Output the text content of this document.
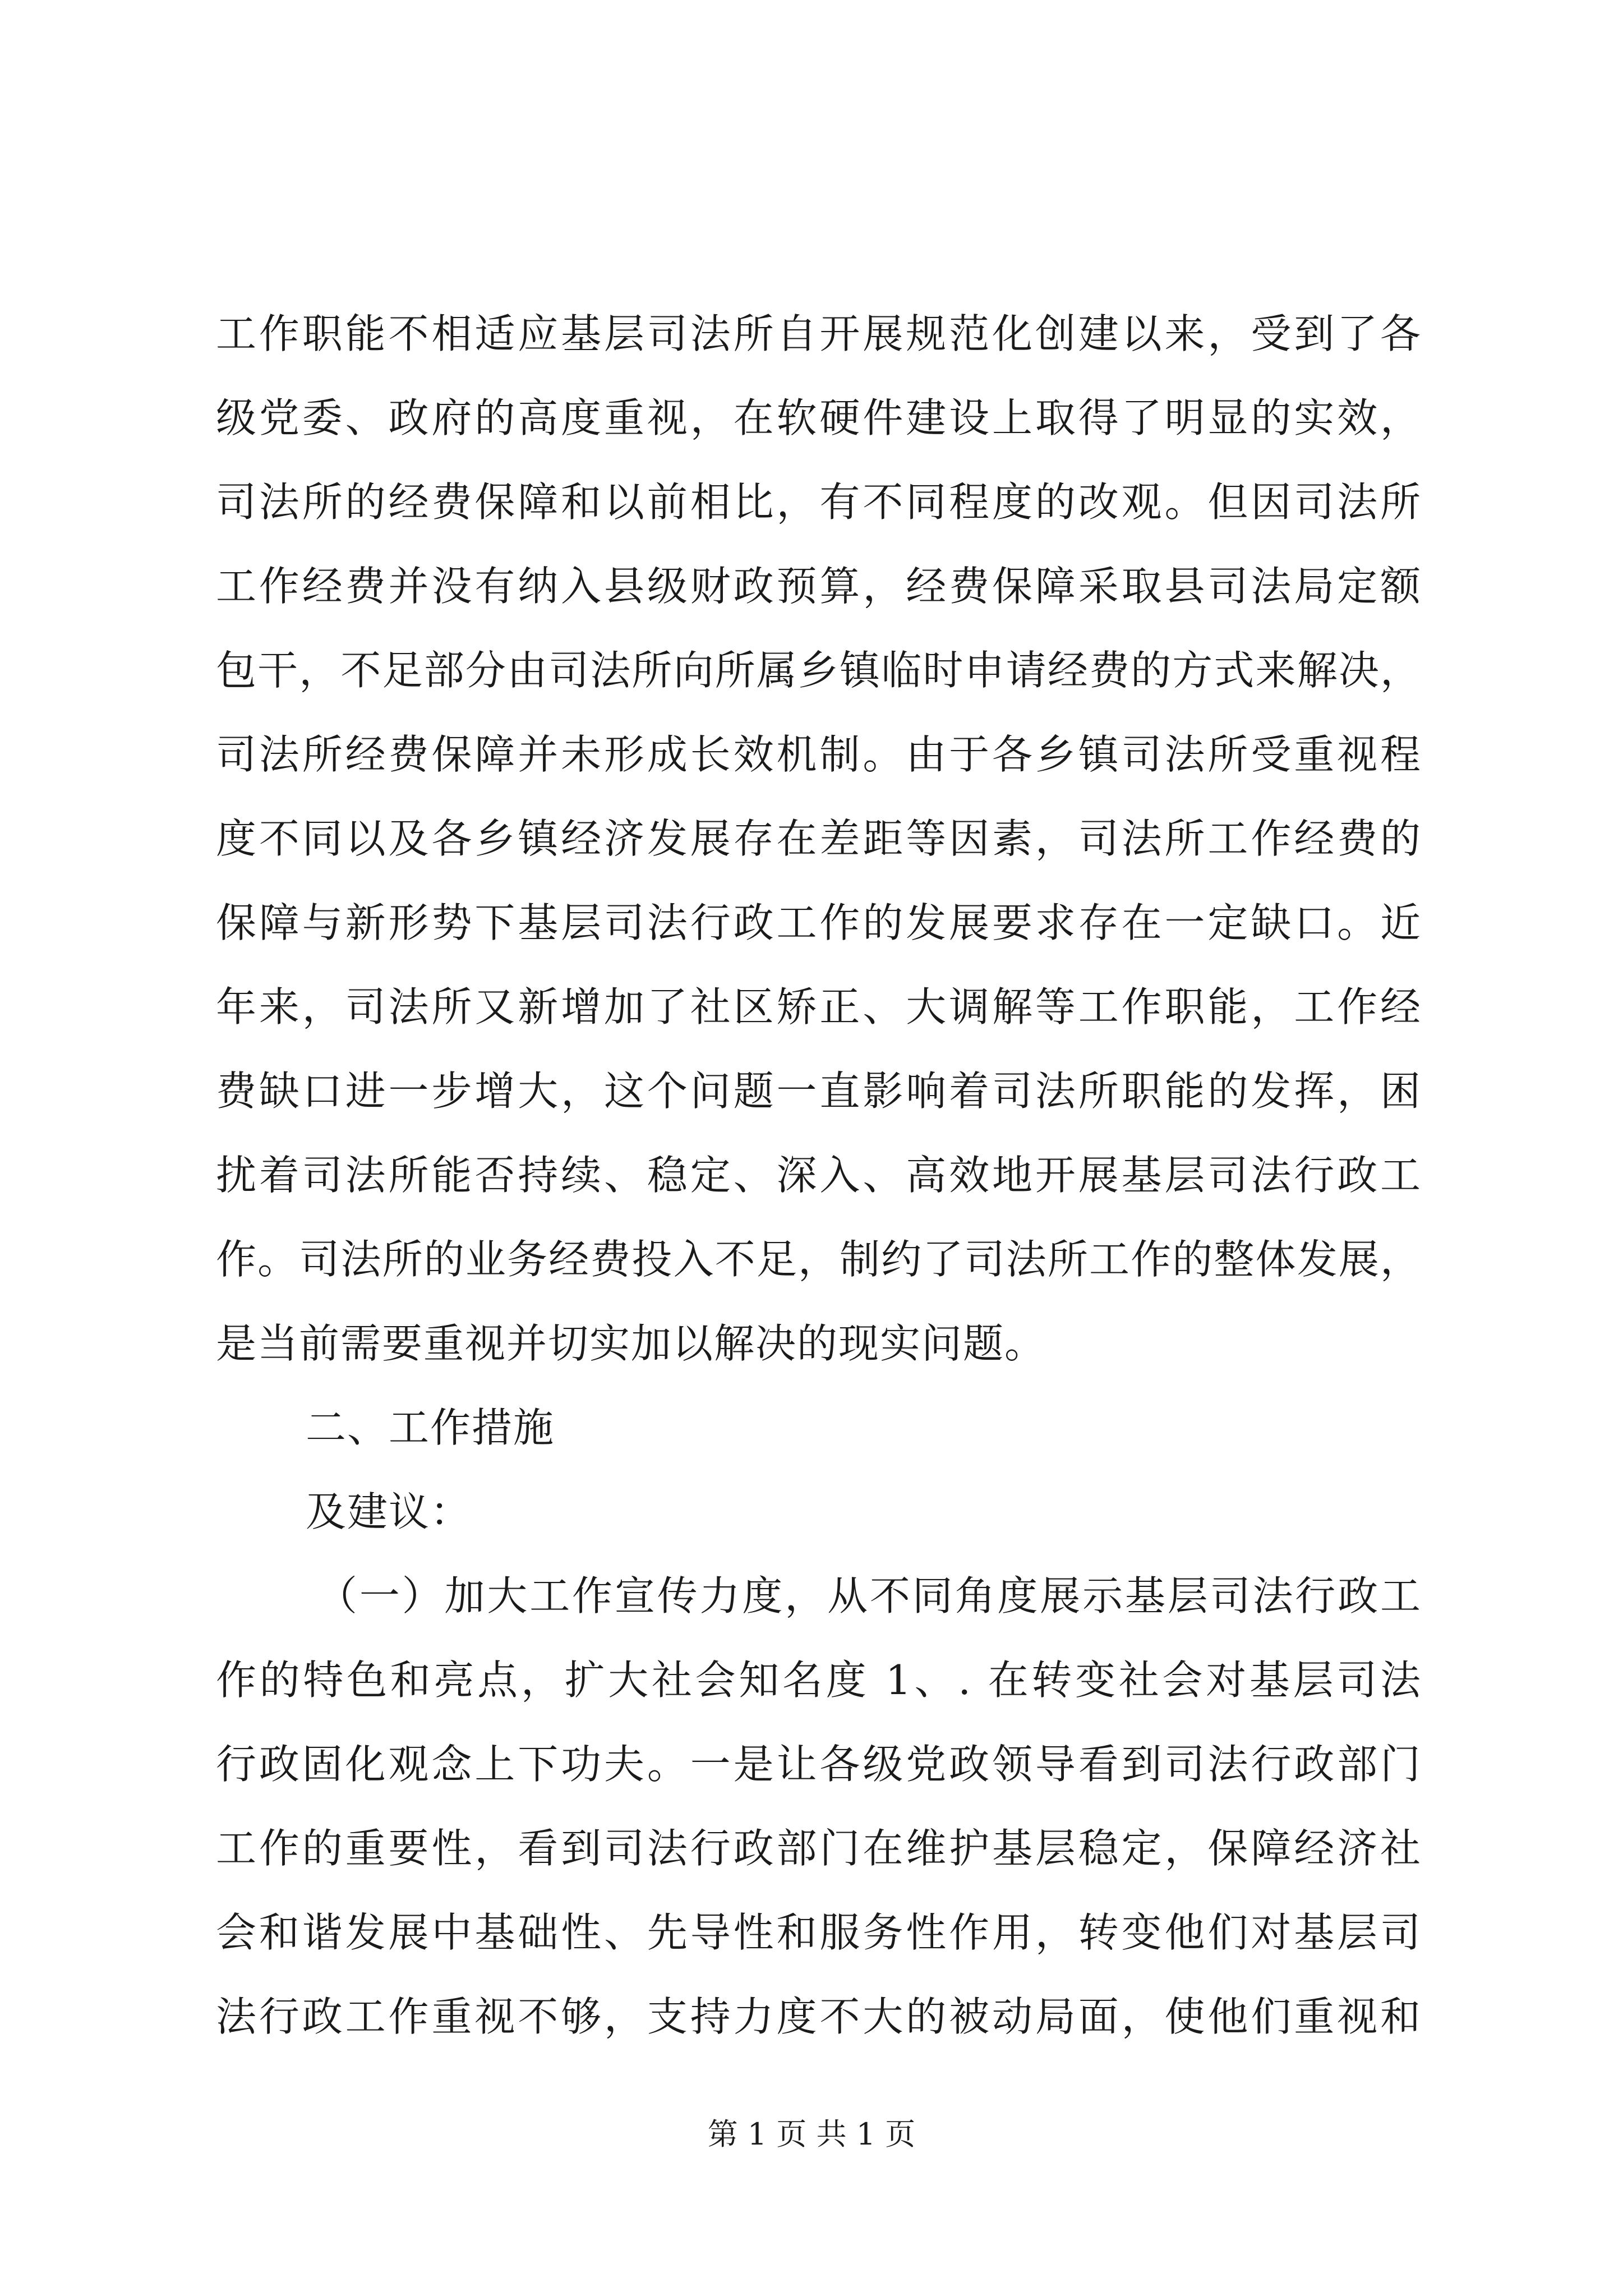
工作职能不相适应基层司法所自开展规范化创建以来，受到了各
级党委、政府的高度重视，在软硬件建设上取得了明显的实效，
司法所的经费保障和以前相比，有不同程度的改观。但因司法所
工作经费并没有纳入县级财政预算，经费保障采取县司法局定额
包干，不足部分由司法所向所属乡镇临时申请经费的方式来解决，
司法所经费保障并未形成长效机制。由于各乡镇司法所受重视程
度不同以及各乡镇经济发展存在差距等因素，司法所工作经费的
保障与新形势下基层司法行政工作的发展要求存在一定缺口。近
年来，司法所又新增加了社区矫正、大调解等工作职能，工作经
费缺口进一步增大，这个问题一直影响着司法所职能的发挥，困
扰着司法所能否持续、稳定、深入、高效地开展基层司法行政工
作。司法所的业务经费投入不足，制约了司法所工作的整体发展，
是当前需要重视并切实加以解决的现实问题。
二、工作措施
及建议：
（一）加大工作宣传力度，从不同角度展示基层司法行政工
作的特色和亮点，扩大社会知名度 1、. 在转变社会对基层司法
行政固化观念上下功夫。一是让各级党政领导看到司法行政部门
工作的重要性，看到司法行政部门在维护基层稳定，保障经济社
会和谐发展中基础性、先导性和服务性作用，转变他们对基层司
法行政工作重视不够，支持力度不大的被动局面，使他们重视和
第 1 页 共 1 页
